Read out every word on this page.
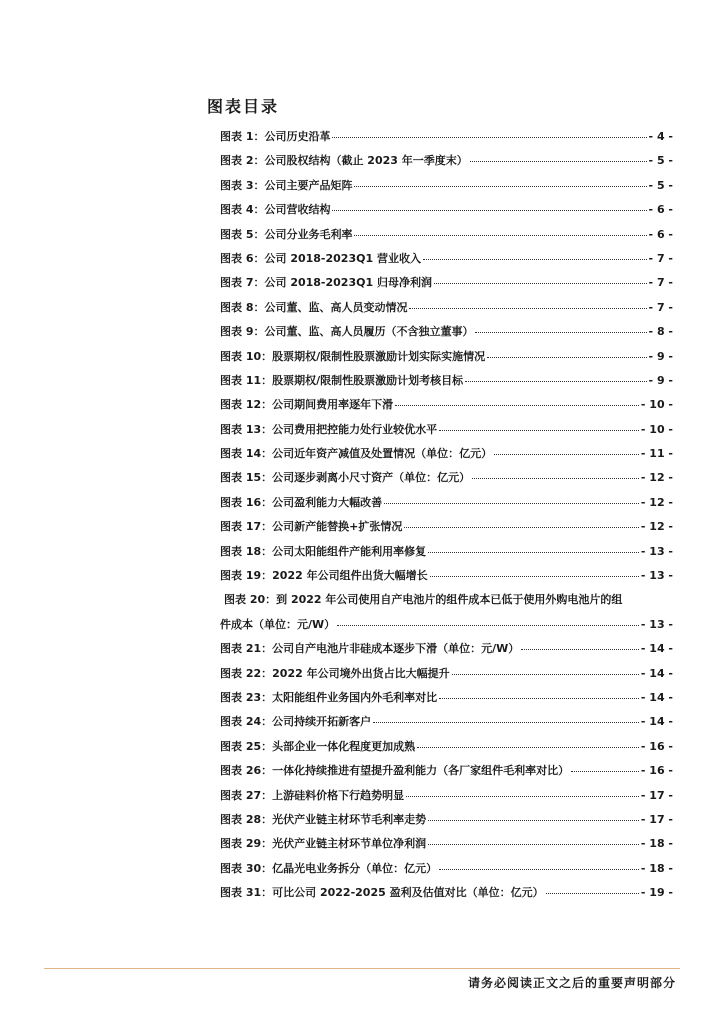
图表目录
图表 1：公司历史沿革	- 4 -
图表 2：公司股权结构（截止 2023 年一季度末）	- 5 -
图表 3：公司主要产品矩阵	- 5 -
图表 4：公司营收结构	- 6 -
图表 5：公司分业务毛利率	- 6 -
图表 6：公司 2018-2023Q1 营业收入	- 7 -
图表 7：公司 2018-2023Q1 归母净利润	- 7 -
图表 8：公司董、监、高人员变动情况	- 7 -
图表 9：公司董、监、高人员履历（不含独立董事）	- 8 -
图表 10：股票期权/限制性股票激励计划实际实施情况	- 9 -
图表 11：股票期权/限制性股票激励计划考核目标	- 9 -
图表 12：公司期间费用率逐年下滑	- 10 -
图表 13：公司费用把控能力处行业较优水平	- 10 -
图表 14：公司近年资产减值及处置情况（单位：亿元）	- 11 -
图表 15：公司逐步剥离小尺寸资产（单位：亿元）	- 12 -
图表 16：公司盈利能力大幅改善	- 12 -
图表 17：公司新产能替换+扩张情况	- 12 -
图表 18：公司太阳能组件产能利用率修复	- 13 -
图表 19：2022 年公司组件出货大幅增长	- 13 -
图表 20：到 2022 年公司使用自产电池片的组件成本已低于使用外购电池片的组
件成本（单位：元/W）	- 13 -
图表 21：公司自产电池片非硅成本逐步下滑（单位：元/W）	- 14 -
图表 22：2022 年公司境外出货占比大幅提升	- 14 -
图表 23：太阳能组件业务国内外毛利率对比	- 14 -
图表 24：公司持续开拓新客户	- 14 -
图表 25：头部企业一体化程度更加成熟	- 16 -
图表 26：一体化持续推进有望提升盈利能力（各厂家组件毛利率对比）	- 16 -
图表 27：上游硅料价格下行趋势明显	- 17 -
图表 28：光伏产业链主材环节毛利率走势	- 17 -
图表 29：光伏产业链主材环节单位净利润	- 18 -
图表 30：亿晶光电业务拆分（单位：亿元）	- 18 -
图表 31：可比公司 2022-2025 盈利及估值对比（单位：亿元）	- 19 -
请务必阅读正文之后的重要声明部分
